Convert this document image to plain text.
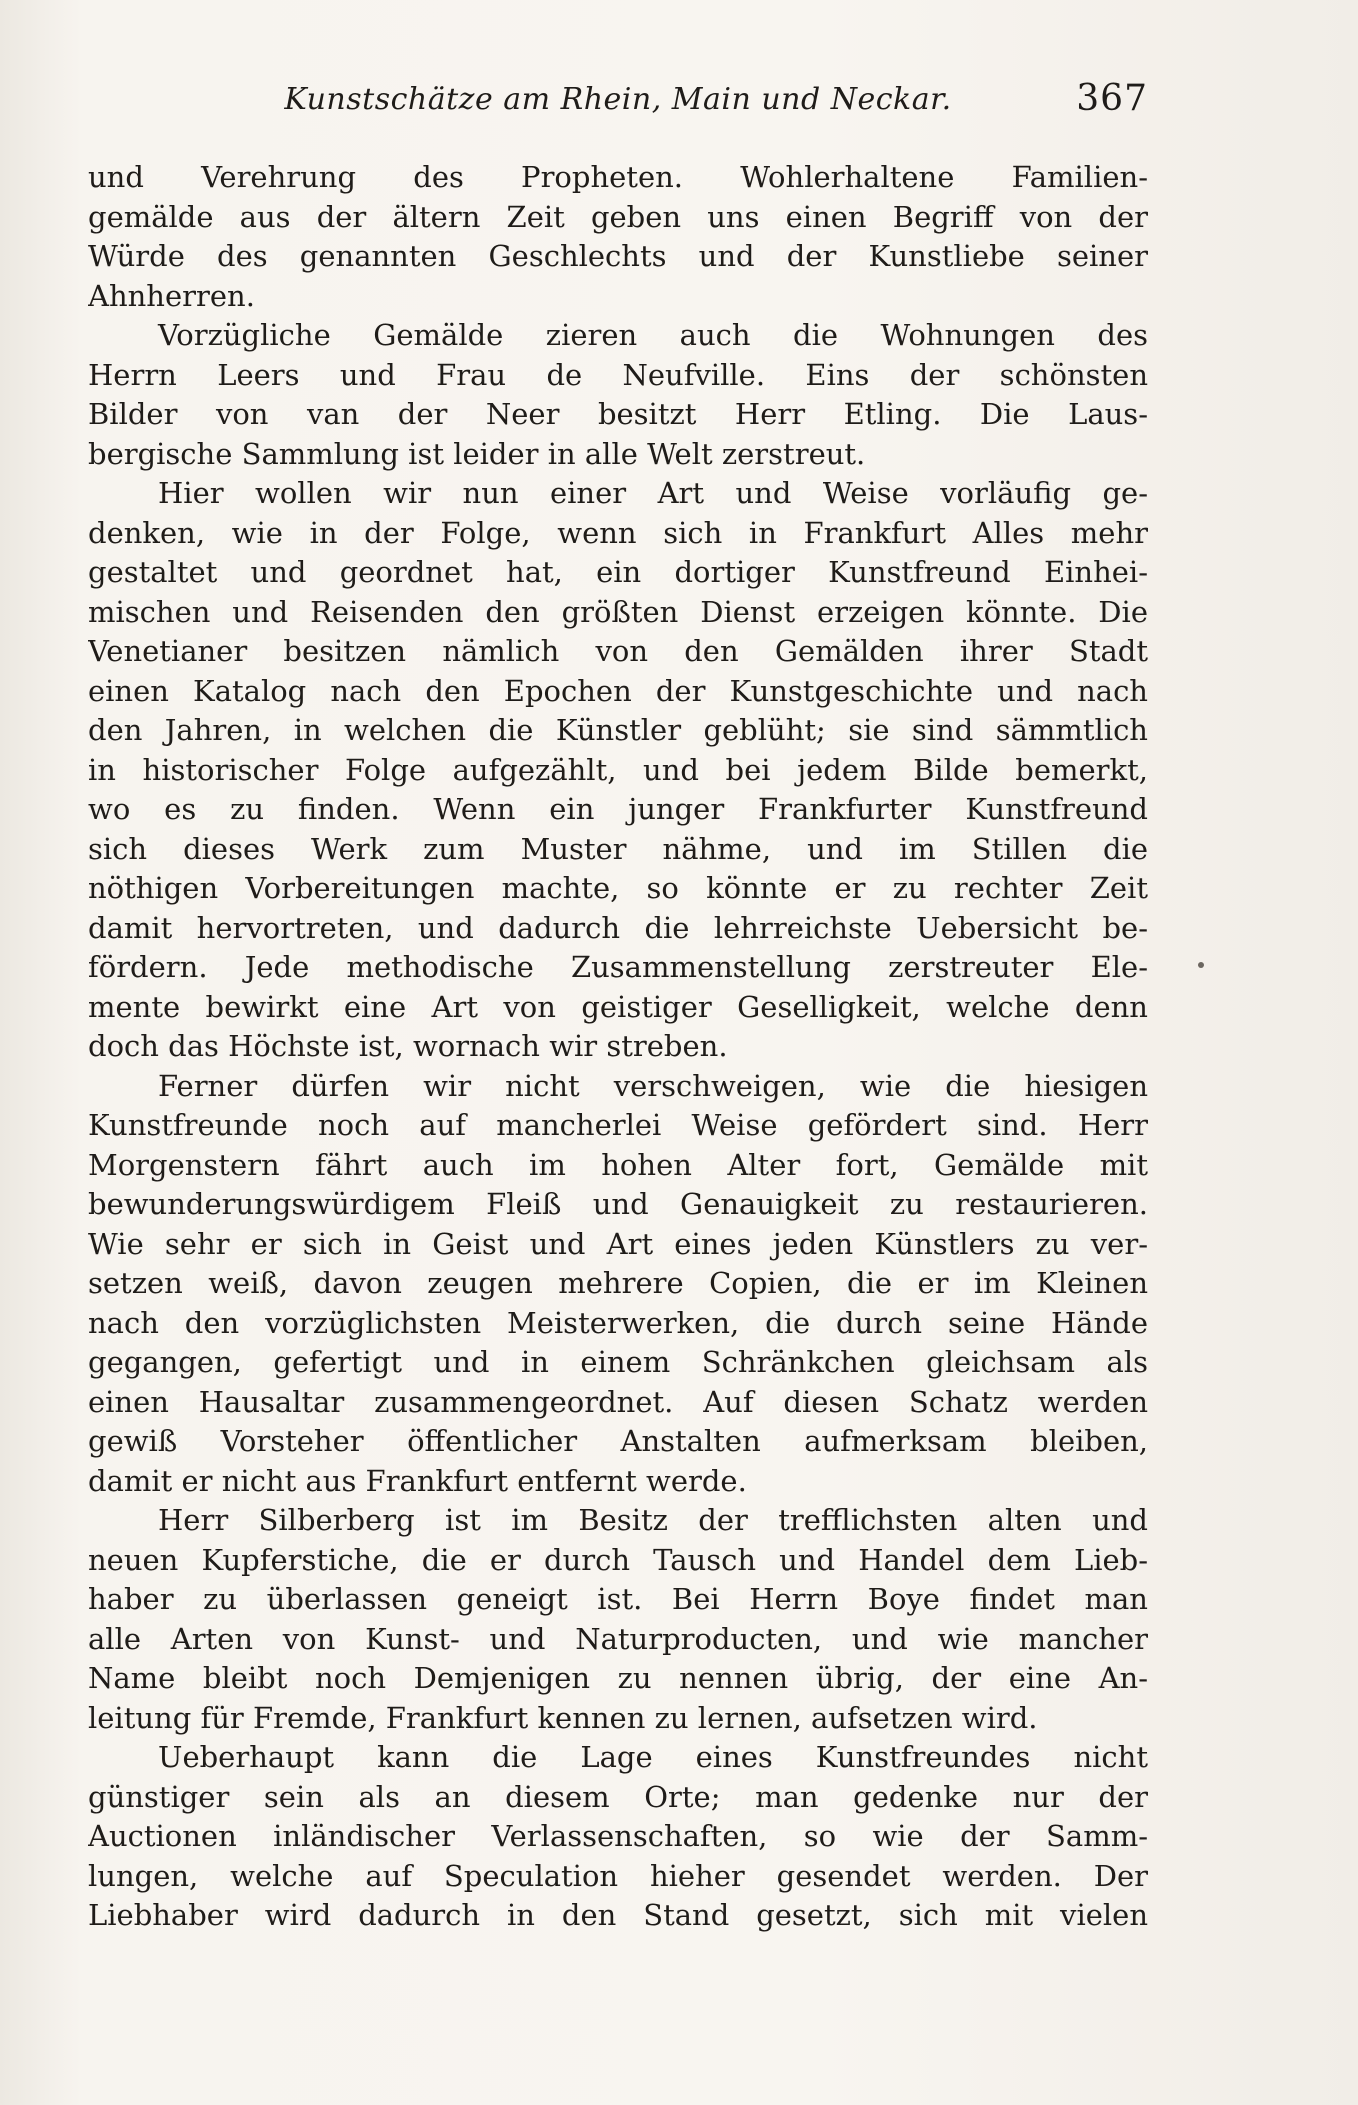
Kunstschätze am Rhein, Main und Neckar.	367
und Verehrung des Propheten. Wohlerhaltene Familien-
gemälde aus der ältern Zeit geben uns einen Begriff von der
Würde des genannten Geschlechts und der Kunstliebe seiner
Ahnherren.
Vorzügliche Gemälde zieren auch die Wohnungen des
Herrn Leers und Frau de Neufville. Eins der schönsten
Bilder von van der Neer besitzt Herr Etling. Die Laus-
bergische Sammlung ist leider in alle Welt zerstreut.
Hier wollen wir nun einer Art und Weise vorläufig ge-
denken, wie in der Folge, wenn sich in Frankfurt Alles mehr
gestaltet und geordnet hat, ein dortiger Kunstfreund Einhei-
mischen und Reisenden den größten Dienst erzeigen könnte. Die
Venetianer besitzen nämlich von den Gemälden ihrer Stadt
einen Katalog nach den Epochen der Kunstgeschichte und nach
den Jahren, in welchen die Künstler geblüht; sie sind sämmtlich
in historischer Folge aufgezählt, und bei jedem Bilde bemerkt,
wo es zu finden. Wenn ein junger Frankfurter Kunstfreund
sich dieses Werk zum Muster nähme, und im Stillen die
nöthigen Vorbereitungen machte, so könnte er zu rechter Zeit
damit hervortreten, und dadurch die lehrreichste Uebersicht be-
fördern. Jede methodische Zusammenstellung zerstreuter Ele-
mente bewirkt eine Art von geistiger Geselligkeit, welche denn
doch das Höchste ist, wornach wir streben.
Ferner dürfen wir nicht verschweigen, wie die hiesigen
Kunstfreunde noch auf mancherlei Weise gefördert sind. Herr
Morgenstern fährt auch im hohen Alter fort, Gemälde mit
bewunderungswürdigem Fleiß und Genauigkeit zu restaurieren.
Wie sehr er sich in Geist und Art eines jeden Künstlers zu ver-
setzen weiß, davon zeugen mehrere Copien, die er im Kleinen
nach den vorzüglichsten Meisterwerken, die durch seine Hände
gegangen, gefertigt und in einem Schränkchen gleichsam als
einen Hausaltar zusammengeordnet. Auf diesen Schatz werden
gewiß Vorsteher öffentlicher Anstalten aufmerksam bleiben,
damit er nicht aus Frankfurt entfernt werde.
Herr Silberberg ist im Besitz der trefflichsten alten und
neuen Kupferstiche, die er durch Tausch und Handel dem Lieb-
haber zu überlassen geneigt ist. Bei Herrn Boye findet man
alle Arten von Kunst- und Naturproducten, und wie mancher
Name bleibt noch Demjenigen zu nennen übrig, der eine An-
leitung für Fremde, Frankfurt kennen zu lernen, aufsetzen wird.
Ueberhaupt kann die Lage eines Kunstfreundes nicht
günstiger sein als an diesem Orte; man gedenke nur der
Auctionen inländischer Verlassenschaften, so wie der Samm-
lungen, welche auf Speculation hieher gesendet werden. Der
Liebhaber wird dadurch in den Stand gesetzt, sich mit vielen
